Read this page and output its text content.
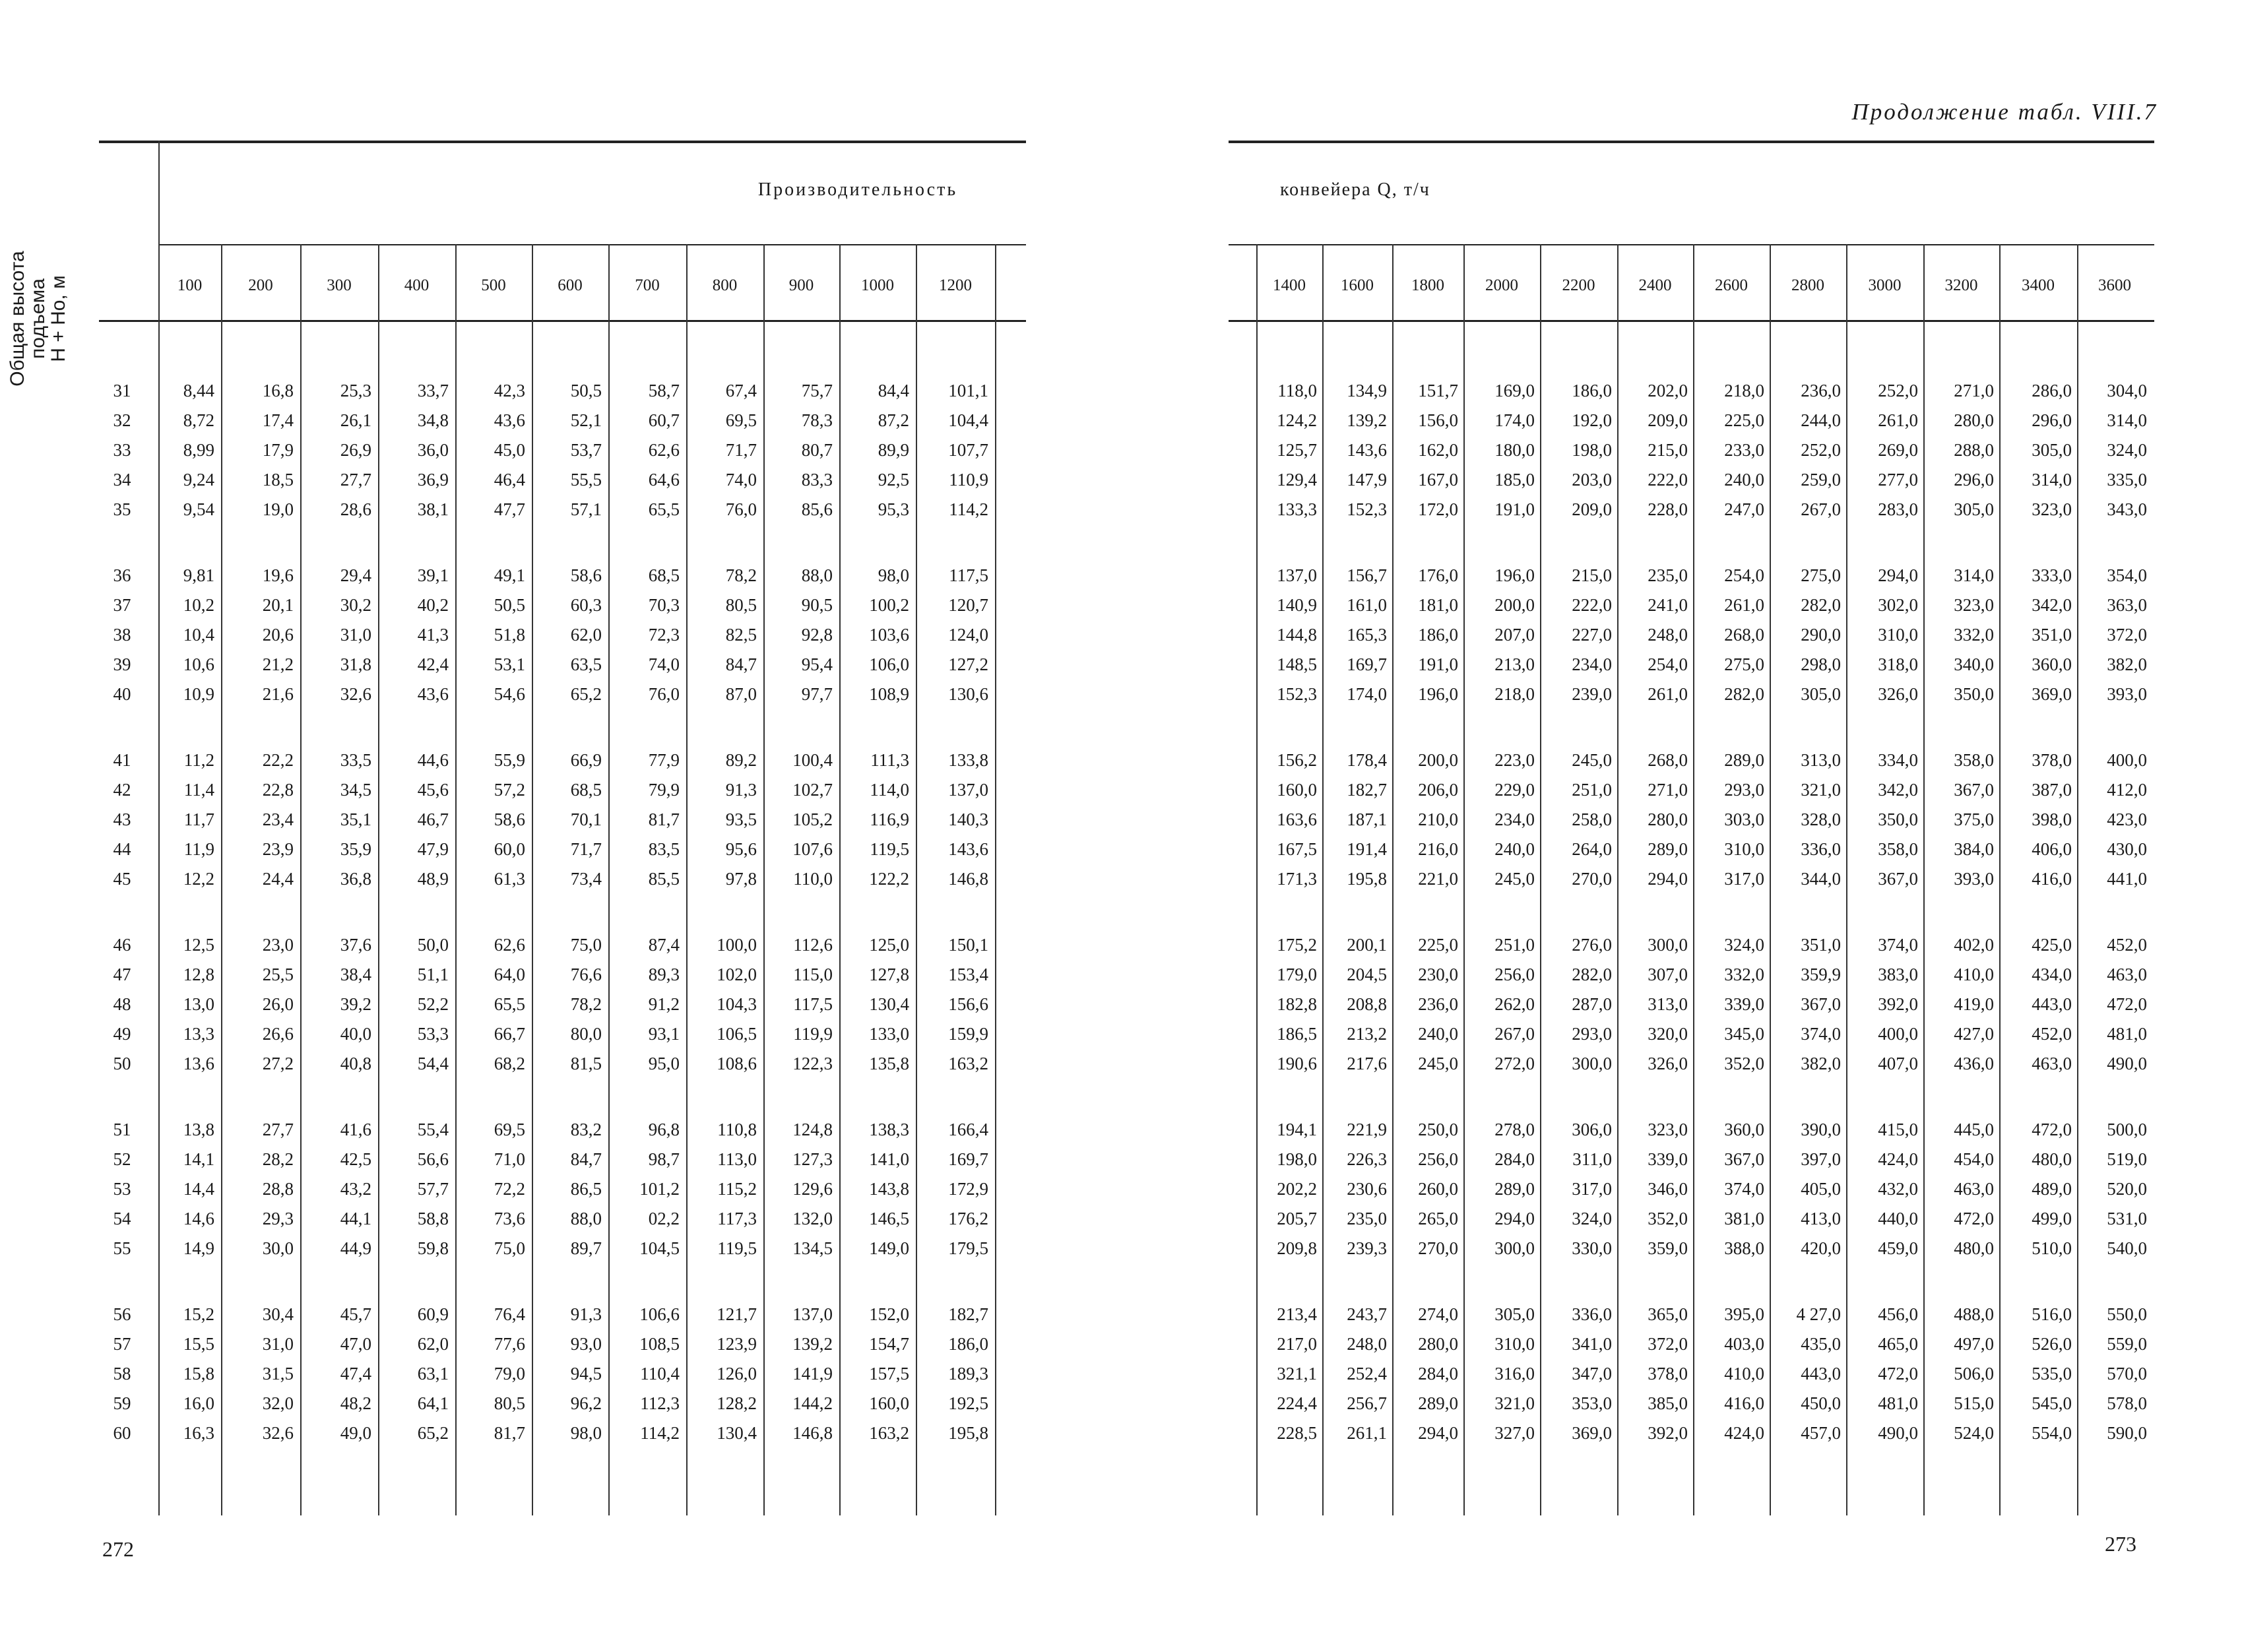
Продолжение табл. VIII.7
Общая высота
подъема
H + Hо, м
Производительность	конвейера Q, т/ч
100	200	300	400	500	600	700	800	900	1000	1200	1400	1600	1800	2000	2200	2400	2600	2800	3000	3200	3400	3600
31	8,44	16,8	25,3	33,7	42,3	50,5	58,7	67,4	75,7	84,4	101,1	118,0	134,9	151,7	169,0	186,0	202,0	218,0	236,0	252,0	271,0	286,0	304,0
32	8,72	17,4	26,1	34,8	43,6	52,1	60,7	69,5	78,3	87,2	104,4	124,2	139,2	156,0	174,0	192,0	209,0	225,0	244,0	261,0	280,0	296,0	314,0
33	8,99	17,9	26,9	36,0	45,0	53,7	62,6	71,7	80,7	89,9	107,7	125,7	143,6	162,0	180,0	198,0	215,0	233,0	252,0	269,0	288,0	305,0	324,0
34	9,24	18,5	27,7	36,9	46,4	55,5	64,6	74,0	83,3	92,5	110,9	129,4	147,9	167,0	185,0	203,0	222,0	240,0	259,0	277,0	296,0	314,0	335,0
35	9,54	19,0	28,6	38,1	47,7	57,1	65,5	76,0	85,6	95,3	114,2	133,3	152,3	172,0	191,0	209,0	228,0	247,0	267,0	283,0	305,0	323,0	343,0
36	9,81	19,6	29,4	39,1	49,1	58,6	68,5	78,2	88,0	98,0	117,5	137,0	156,7	176,0	196,0	215,0	235,0	254,0	275,0	294,0	314,0	333,0	354,0
37	10,2	20,1	30,2	40,2	50,5	60,3	70,3	80,5	90,5	100,2	120,7	140,9	161,0	181,0	200,0	222,0	241,0	261,0	282,0	302,0	323,0	342,0	363,0
38	10,4	20,6	31,0	41,3	51,8	62,0	72,3	82,5	92,8	103,6	124,0	144,8	165,3	186,0	207,0	227,0	248,0	268,0	290,0	310,0	332,0	351,0	372,0
39	10,6	21,2	31,8	42,4	53,1	63,5	74,0	84,7	95,4	106,0	127,2	148,5	169,7	191,0	213,0	234,0	254,0	275,0	298,0	318,0	340,0	360,0	382,0
40	10,9	21,6	32,6	43,6	54,6	65,2	76,0	87,0	97,7	108,9	130,6	152,3	174,0	196,0	218,0	239,0	261,0	282,0	305,0	326,0	350,0	369,0	393,0
41	11,2	22,2	33,5	44,6	55,9	66,9	77,9	89,2	100,4	111,3	133,8	156,2	178,4	200,0	223,0	245,0	268,0	289,0	313,0	334,0	358,0	378,0	400,0
42	11,4	22,8	34,5	45,6	57,2	68,5	79,9	91,3	102,7	114,0	137,0	160,0	182,7	206,0	229,0	251,0	271,0	293,0	321,0	342,0	367,0	387,0	412,0
43	11,7	23,4	35,1	46,7	58,6	70,1	81,7	93,5	105,2	116,9	140,3	163,6	187,1	210,0	234,0	258,0	280,0	303,0	328,0	350,0	375,0	398,0	423,0
44	11,9	23,9	35,9	47,9	60,0	71,7	83,5	95,6	107,6	119,5	143,6	167,5	191,4	216,0	240,0	264,0	289,0	310,0	336,0	358,0	384,0	406,0	430,0
45	12,2	24,4	36,8	48,9	61,3	73,4	85,5	97,8	110,0	122,2	146,8	171,3	195,8	221,0	245,0	270,0	294,0	317,0	344,0	367,0	393,0	416,0	441,0
46	12,5	23,0	37,6	50,0	62,6	75,0	87,4	100,0	112,6	125,0	150,1	175,2	200,1	225,0	251,0	276,0	300,0	324,0	351,0	374,0	402,0	425,0	452,0
47	12,8	25,5	38,4	51,1	64,0	76,6	89,3	102,0	115,0	127,8	153,4	179,0	204,5	230,0	256,0	282,0	307,0	332,0	359,9	383,0	410,0	434,0	463,0
48	13,0	26,0	39,2	52,2	65,5	78,2	91,2	104,3	117,5	130,4	156,6	182,8	208,8	236,0	262,0	287,0	313,0	339,0	367,0	392,0	419,0	443,0	472,0
49	13,3	26,6	40,0	53,3	66,7	80,0	93,1	106,5	119,9	133,0	159,9	186,5	213,2	240,0	267,0	293,0	320,0	345,0	374,0	400,0	427,0	452,0	481,0
50	13,6	27,2	40,8	54,4	68,2	81,5	95,0	108,6	122,3	135,8	163,2	190,6	217,6	245,0	272,0	300,0	326,0	352,0	382,0	407,0	436,0	463,0	490,0
51	13,8	27,7	41,6	55,4	69,5	83,2	96,8	110,8	124,8	138,3	166,4	194,1	221,9	250,0	278,0	306,0	323,0	360,0	390,0	415,0	445,0	472,0	500,0
52	14,1	28,2	42,5	56,6	71,0	84,7	98,7	113,0	127,3	141,0	169,7	198,0	226,3	256,0	284,0	311,0	339,0	367,0	397,0	424,0	454,0	480,0	519,0
53	14,4	28,8	43,2	57,7	72,2	86,5	101,2	115,2	129,6	143,8	172,9	202,2	230,6	260,0	289,0	317,0	346,0	374,0	405,0	432,0	463,0	489,0	520,0
54	14,6	29,3	44,1	58,8	73,6	88,0	02,2	117,3	132,0	146,5	176,2	205,7	235,0	265,0	294,0	324,0	352,0	381,0	413,0	440,0	472,0	499,0	531,0
55	14,9	30,0	44,9	59,8	75,0	89,7	104,5	119,5	134,5	149,0	179,5	209,8	239,3	270,0	300,0	330,0	359,0	388,0	420,0	459,0	480,0	510,0	540,0
56	15,2	30,4	45,7	60,9	76,4	91,3	106,6	121,7	137,0	152,0	182,7	213,4	243,7	274,0	305,0	336,0	365,0	395,0	4 27,0	456,0	488,0	516,0	550,0
57	15,5	31,0	47,0	62,0	77,6	93,0	108,5	123,9	139,2	154,7	186,0	217,0	248,0	280,0	310,0	341,0	372,0	403,0	435,0	465,0	497,0	526,0	559,0
58	15,8	31,5	47,4	63,1	79,0	94,5	110,4	126,0	141,9	157,5	189,3	321,1	252,4	284,0	316,0	347,0	378,0	410,0	443,0	472,0	506,0	535,0	570,0
59	16,0	32,0	48,2	64,1	80,5	96,2	112,3	128,2	144,2	160,0	192,5	224,4	256,7	289,0	321,0	353,0	385,0	416,0	450,0	481,0	515,0	545,0	578,0
60	16,3	32,6	49,0	65,2	81,7	98,0	114,2	130,4	146,8	163,2	195,8	228,5	261,1	294,0	327,0	369,0	392,0	424,0	457,0	490,0	524,0	554,0	590,0
272	273
